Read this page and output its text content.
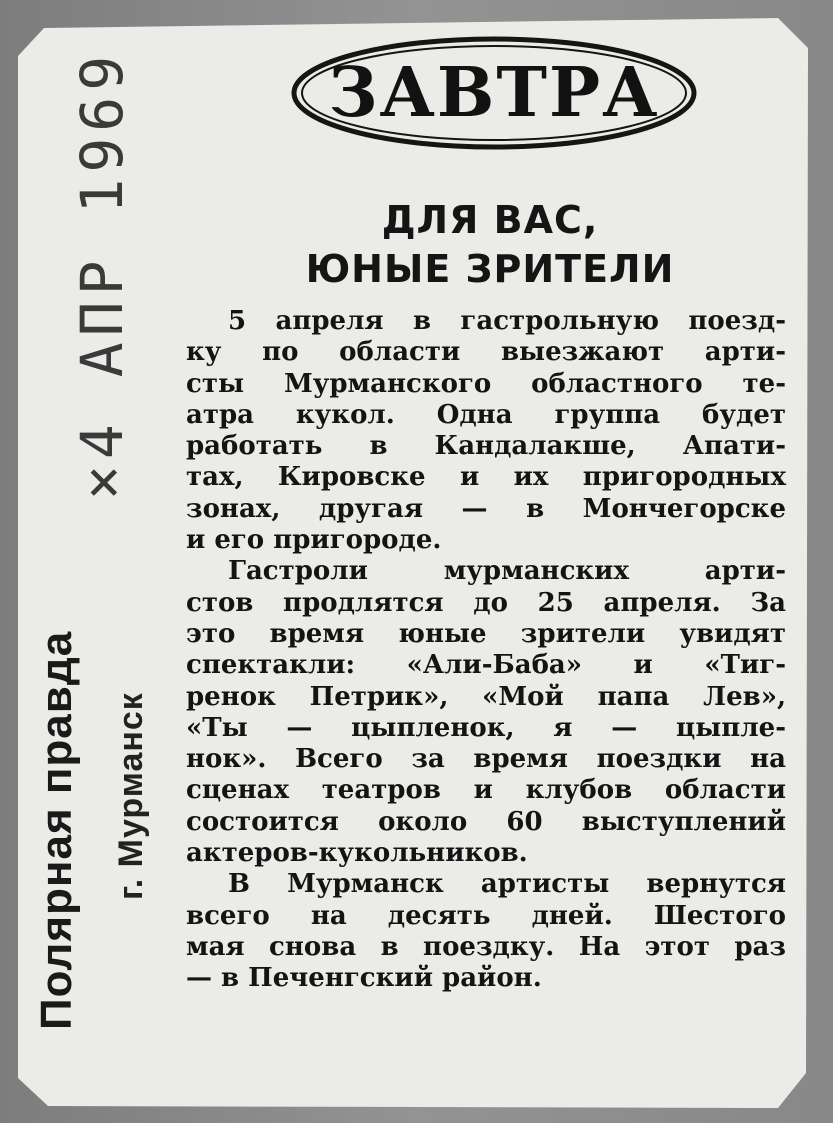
×4 АПР 1969
Полярная правда г. Мурманск
ЗАВТРА
ДЛЯ ВАС,
ЮНЫЕ ЗРИТЕЛИ
5 апреля в гастрольную поезд-
ку по области выезжают арти-
сты Мурманского областного те-
атра кукол. Одна группа будет
работать в Кандалакше, Апати-
тах, Кировске и их пригородных
зонах, другая — в Мончегорске
и его пригороде.
Гастроли мурманских арти-
стов продлятся до 25 апреля. За
это время юные зрители увидят
спектакли: «Али-Баба» и «Тиг-
ренок Петрик», «Мой папа Лев»,
«Ты — цыпленок, я — цыпле-
нок». Всего за время поездки на
сценах театров и клубов области
состоится около 60 выступлений
актеров-кукольников.
В Мурманск артисты вернутся
всего на десять дней. Шестого
мая снова в поездку. На этот раз
— в Печенгский район.
